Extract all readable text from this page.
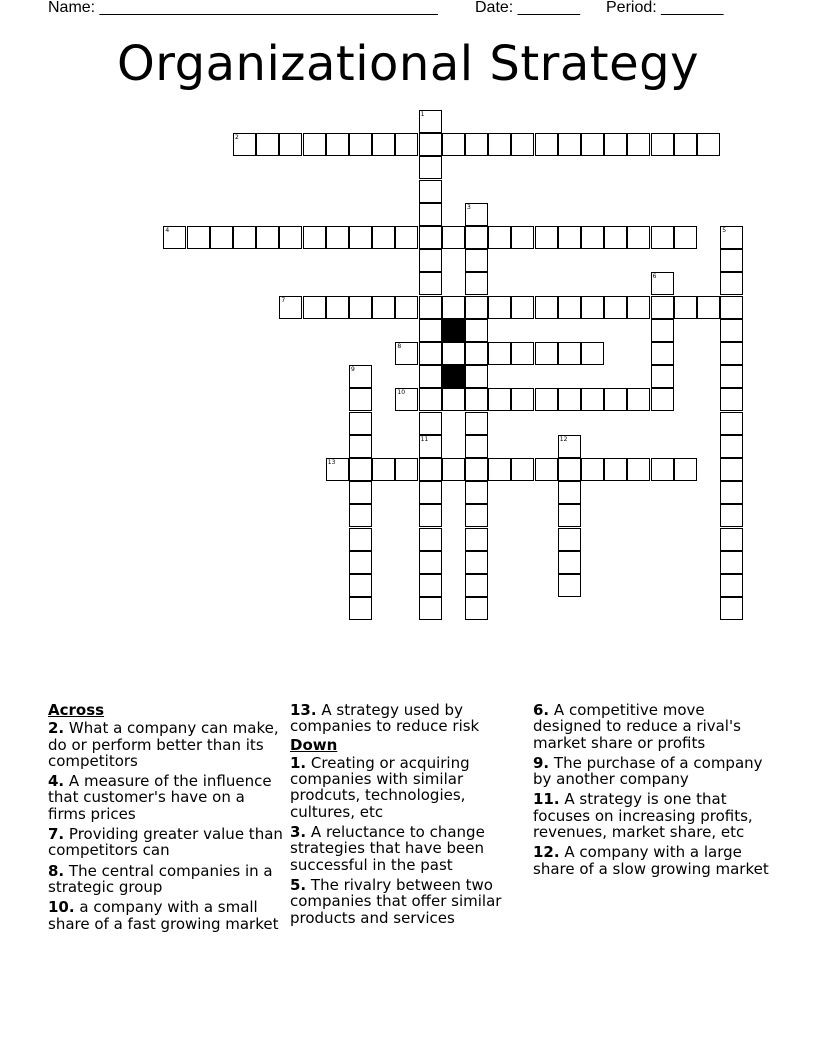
Name: ______________________________________ Date: _______ Period: _______
Organizational Strategy
1
2
3
4	5
6
7
8
9
10
11	12
13
Across
2. What a company can make, do or perform better than its competitors
4. A measure of the influence that customer's have on a firms prices
7. Providing greater value than competitors can
8. The central companies in a strategic group
10. a company with a small share of a fast growing market
13. A strategy used by companies to reduce risk
Down
1. Creating or acquiring companies with similar prodcuts, technologies, cultures, etc
3. A reluctance to change strategies that have been successful in the past
5. The rivalry between two companies that offer similar products and services
6. A competitive move designed to reduce a rival's market share or profits
9. The purchase of a company by another company
11. A strategy is one that focuses on increasing profits, revenues, market share, etc
12. A company with a large share of a slow growing market
